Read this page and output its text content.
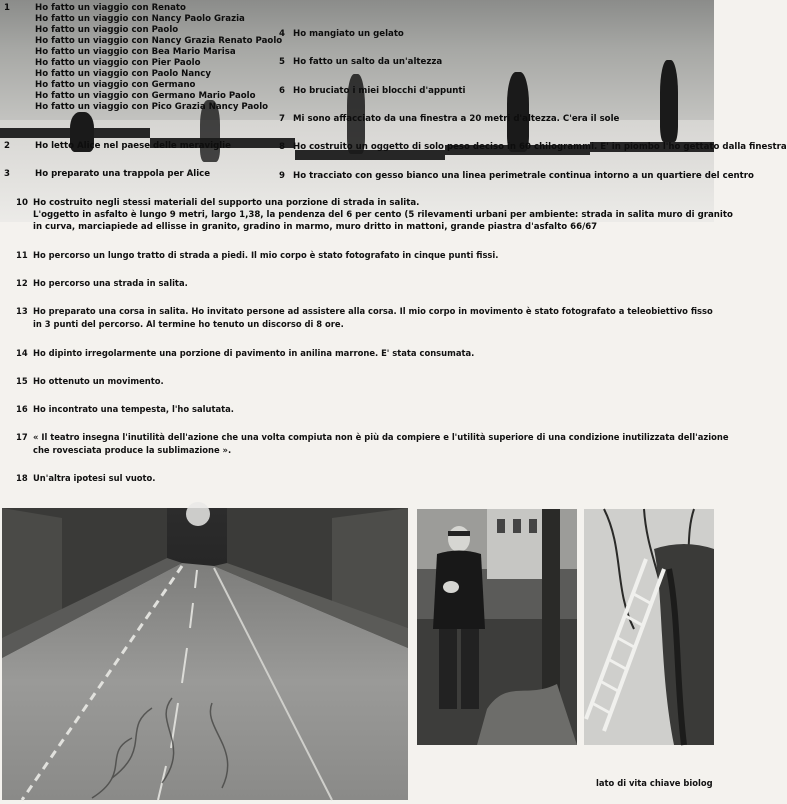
1	Ho fatto un viaggio con Renato
Ho fatto un viaggio con Nancy Paolo Grazia
Ho fatto un viaggio con Paolo
Ho fatto un viaggio con Nancy Grazia Renato Paolo
Ho fatto un viaggio con Bea Mario Marisa
Ho fatto un viaggio con Pier Paolo
Ho fatto un viaggio con Paolo Nancy
Ho fatto un viaggio con Germano
Ho fatto un viaggio con Germano Mario Paolo
Ho fatto un viaggio con Pico Grazia Nancy Paolo
2	Ho letto Alice nel paese delle meraviglie
3	Ho preparato una trappola per Alice
4 Ho mangiato un gelato
5 Ho fatto un salto da un'altezza
6 Ho bruciato i miei blocchi d'appunti
7 Mi sono affacciato da una finestra a 20 metri d'altezza. C'era il sole
8 Ho costruito un oggetto di solo peso deciso in 60 chilogrammi. E' in piombo l'ho gettato dalla finestra
9 Ho tracciato con gesso bianco una linea perimetrale continua intorno a un quartiere del centro
10 Ho costruito negli stessi materiali del supporto una porzione di strada in salita.
L'oggetto in asfalto è lungo 9 metri, largo 1,38, la pendenza del 6 per cento (5 rilevamenti urbani per ambiente: strada in salita muro di granito
in curva, marciapiede ad ellisse in granito, gradino in marmo, muro dritto in mattoni, grande piastra d'asfalto 66/67
11 Ho percorso un lungo tratto di strada a piedi. Il mio corpo è stato fotografato in cinque punti fissi.
12 Ho percorso una strada in salita.
13 Ho preparato una corsa in salita. Ho invitato persone ad assistere alla corsa. Il mio corpo in movimento è stato fotografato a teleobiettivo fisso
in 3 punti del percorso. Al termine ho tenuto un discorso di 8 ore.
14 Ho dipinto irregolarmente una porzione di pavimento in anilina marrone. E' stata consumata.
15 Ho ottenuto un movimento.
16 Ho incontrato una tempesta, l'ho salutata.
17 « Il teatro insegna l'inutilità dell'azione che una volta compiuta non è più da compiere e l'utilità superiore di una condizione inutilizzata dell'azione
che rovesciata produce la sublimazione ».
18 Un'altra ipotesi sul vuoto.
lato di vita chiave biolog
